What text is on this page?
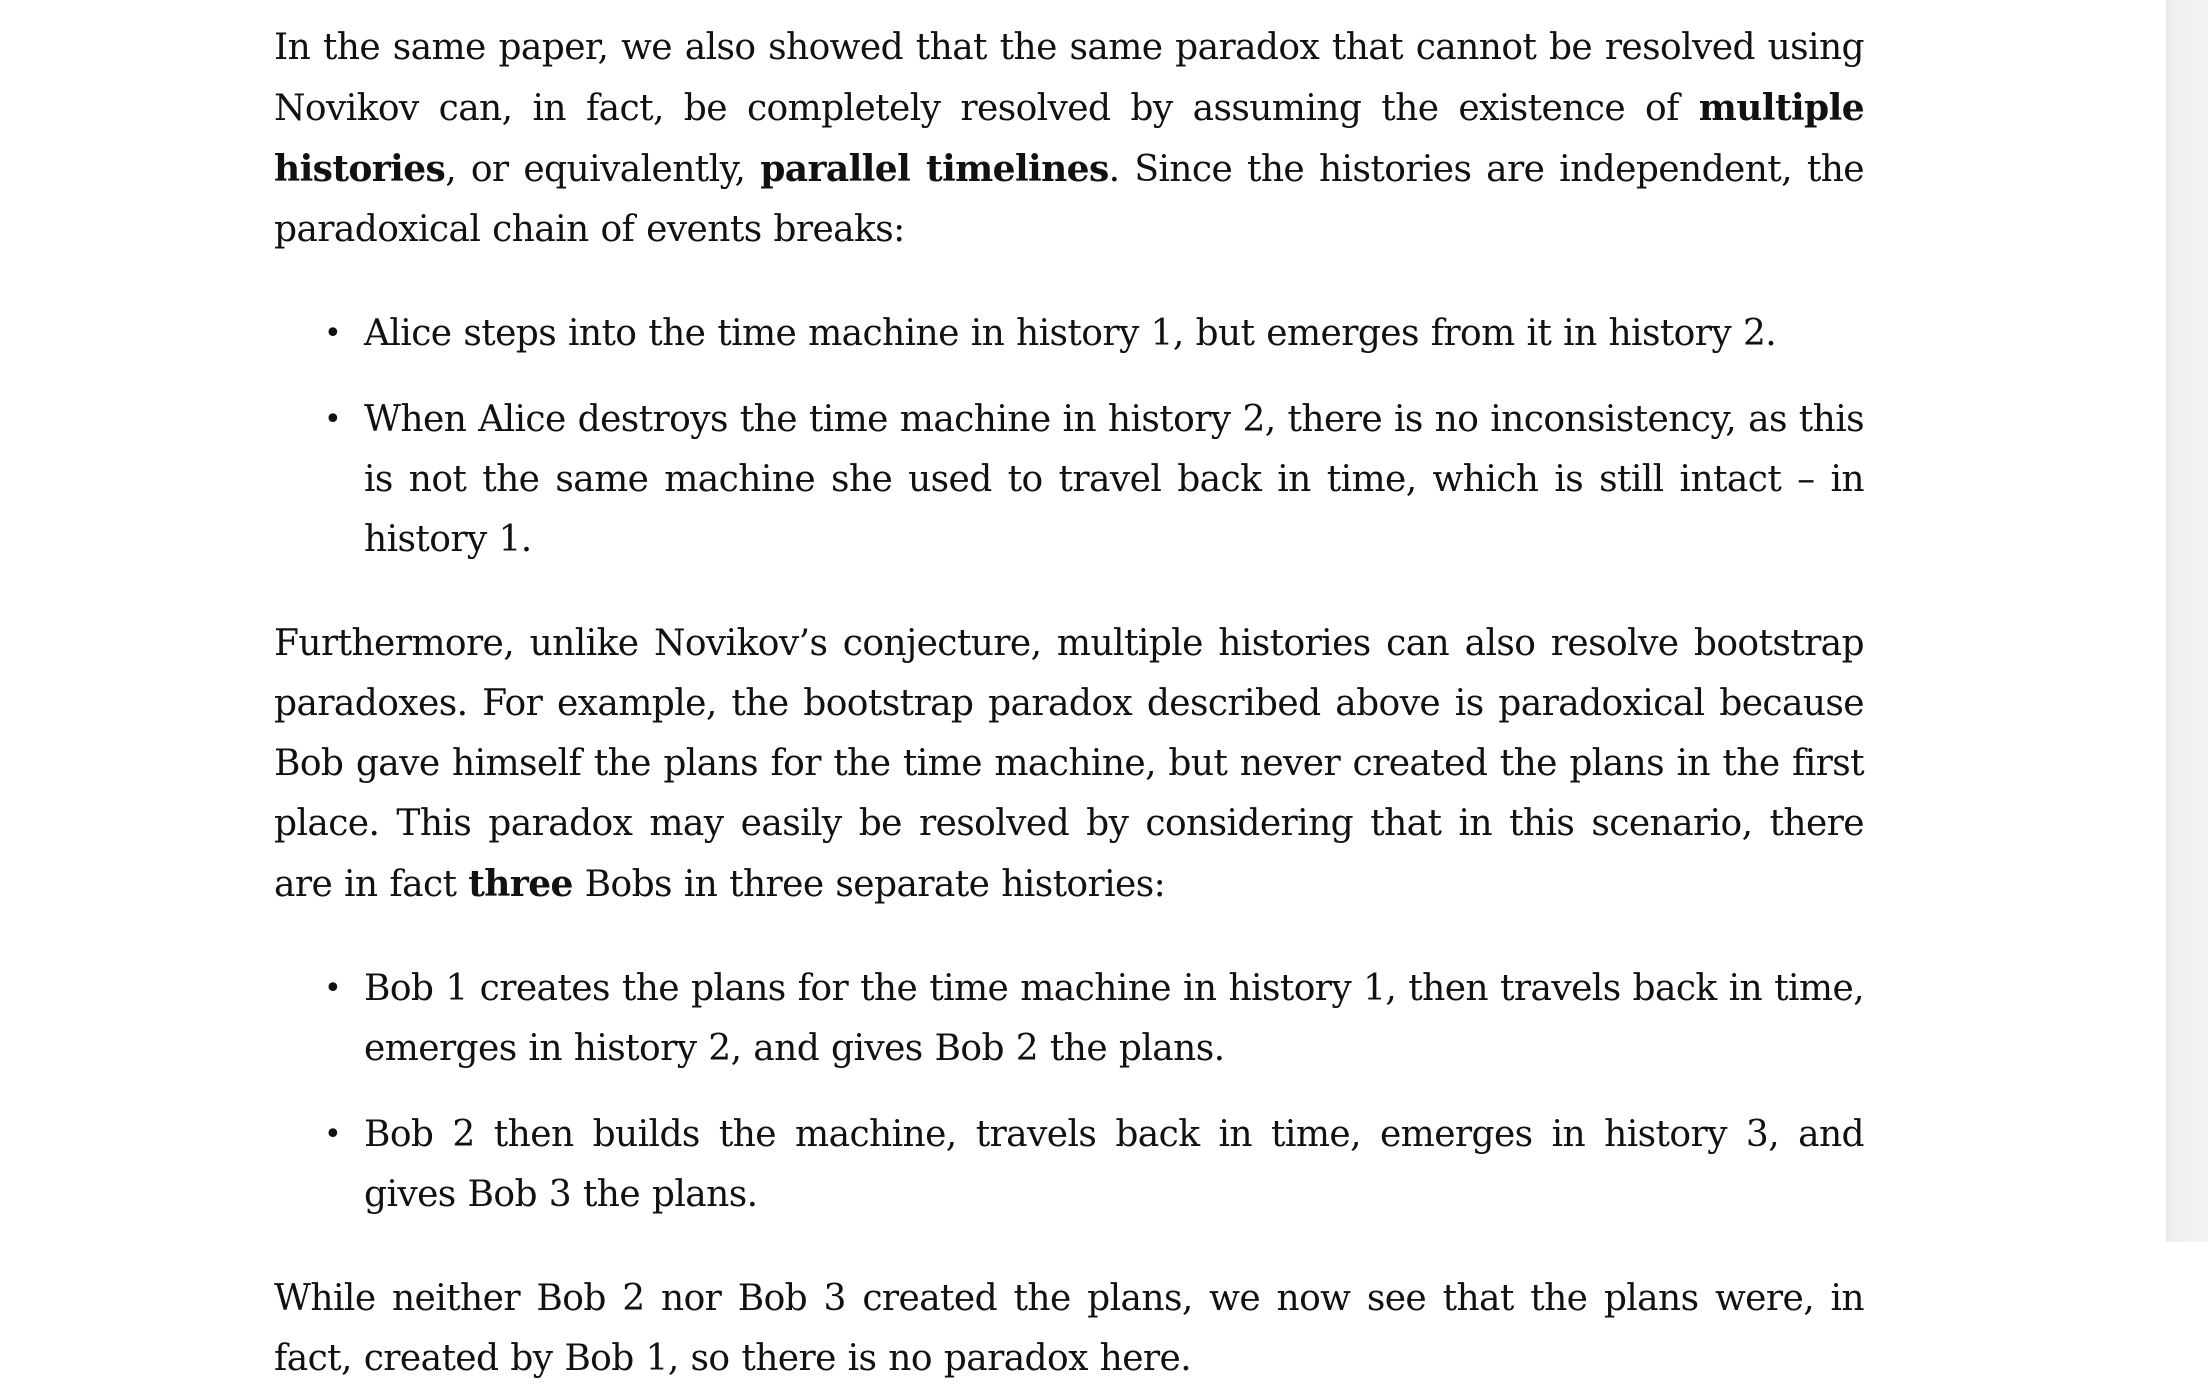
In the same paper, we also showed that the same paradox that cannot be resolved using Novikov can, in fact, be completely resolved by assuming the existence of multiple histories, or equivalently, parallel timelines. Since the histories are independent, the paradoxical chain of events breaks:

• Alice steps into the time machine in history 1, but emerges from it in history 2.
• When Alice destroys the time machine in history 2, there is no inconsistency, as this is not the same machine she used to travel back in time, which is still intact – in history 1.

Furthermore, unlike Novikov’s conjecture, multiple histories can also resolve bootstrap paradoxes. For example, the bootstrap paradox described above is paradoxical because Bob gave himself the plans for the time machine, but never created the plans in the first place. This paradox may easily be resolved by considering that in this scenario, there are in fact three Bobs in three separate histories:

• Bob 1 creates the plans for the time machine in history 1, then travels back in time, emerges in history 2, and gives Bob 2 the plans.
• Bob 2 then builds the machine, travels back in time, emerges in history 3, and gives Bob 3 the plans.

While neither Bob 2 nor Bob 3 created the plans, we now see that the plans were, in fact, created by Bob 1, so there is no paradox here.
